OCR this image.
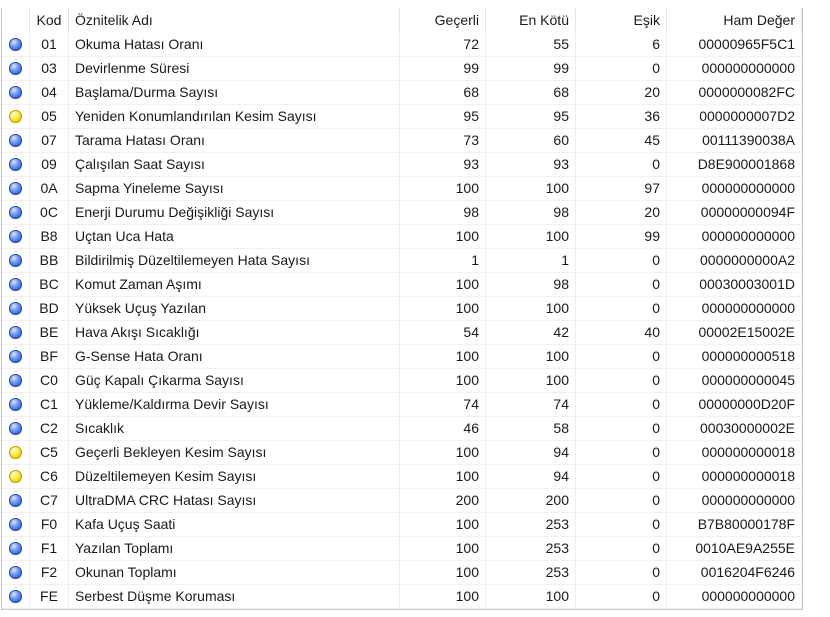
Kod Öznitelik Adı	Geçerli	En Kötü	Eşik	Ham Değer
01	Okuma Hatası Oranı	72	55	6	00000965F5C1
03	Devirlenme Süresi	99	99	0	000000000000
04	Başlama/Durma Sayısı	68	68	20	0000000082FC
05	Yeniden Konumlandırılan Kesim Sayısı	95	95	36	0000000007D2
07	Tarama Hatası Oranı	73	60	45	00111390038A
09	Çalışılan Saat Sayısı	93	93	0	D8E900001868
0A	Sapma Yineleme Sayısı	100	100	97	000000000000
0C	Enerji Durumu Değişikliği Sayısı	98	98	20	00000000094F
B8	Uçtan Uca Hata	100	100	99	000000000000
BB	Bildirilmiş Düzeltilemeyen Hata Sayısı	1	1	0	0000000000A2
BC	Komut Zaman Aşımı	100	98	0	00030003001D
BD	Yüksek Uçuş Yazılan	100	100	0	000000000000
BE	Hava Akışı Sıcaklığı	54	42	40	00002E15002E
BF	G-Sense Hata Oranı	100	100	0	000000000518
C0	Güç Kapalı Çıkarma Sayısı	100	100	0	000000000045
C1	Yükleme/Kaldırma Devir Sayısı	74	74	0	00000000D20F
C2	Sıcaklık	46	58	0	00030000002E
C5	Geçerli Bekleyen Kesim Sayısı	100	94	0	000000000018
C6	Düzeltilemeyen Kesim Sayısı	100	94	0	000000000018
C7	UltraDMA CRC Hatası Sayısı	200	200	0	000000000000
F0	Kafa Uçuş Saati	100	253	0	B7B80000178F
F1	Yazılan Toplamı	100	253	0	0010AE9A255E
F2	Okunan Toplamı	100	253	0	0016204F6246
FE	Serbest Düşme Koruması	100	100	0	000000000000
